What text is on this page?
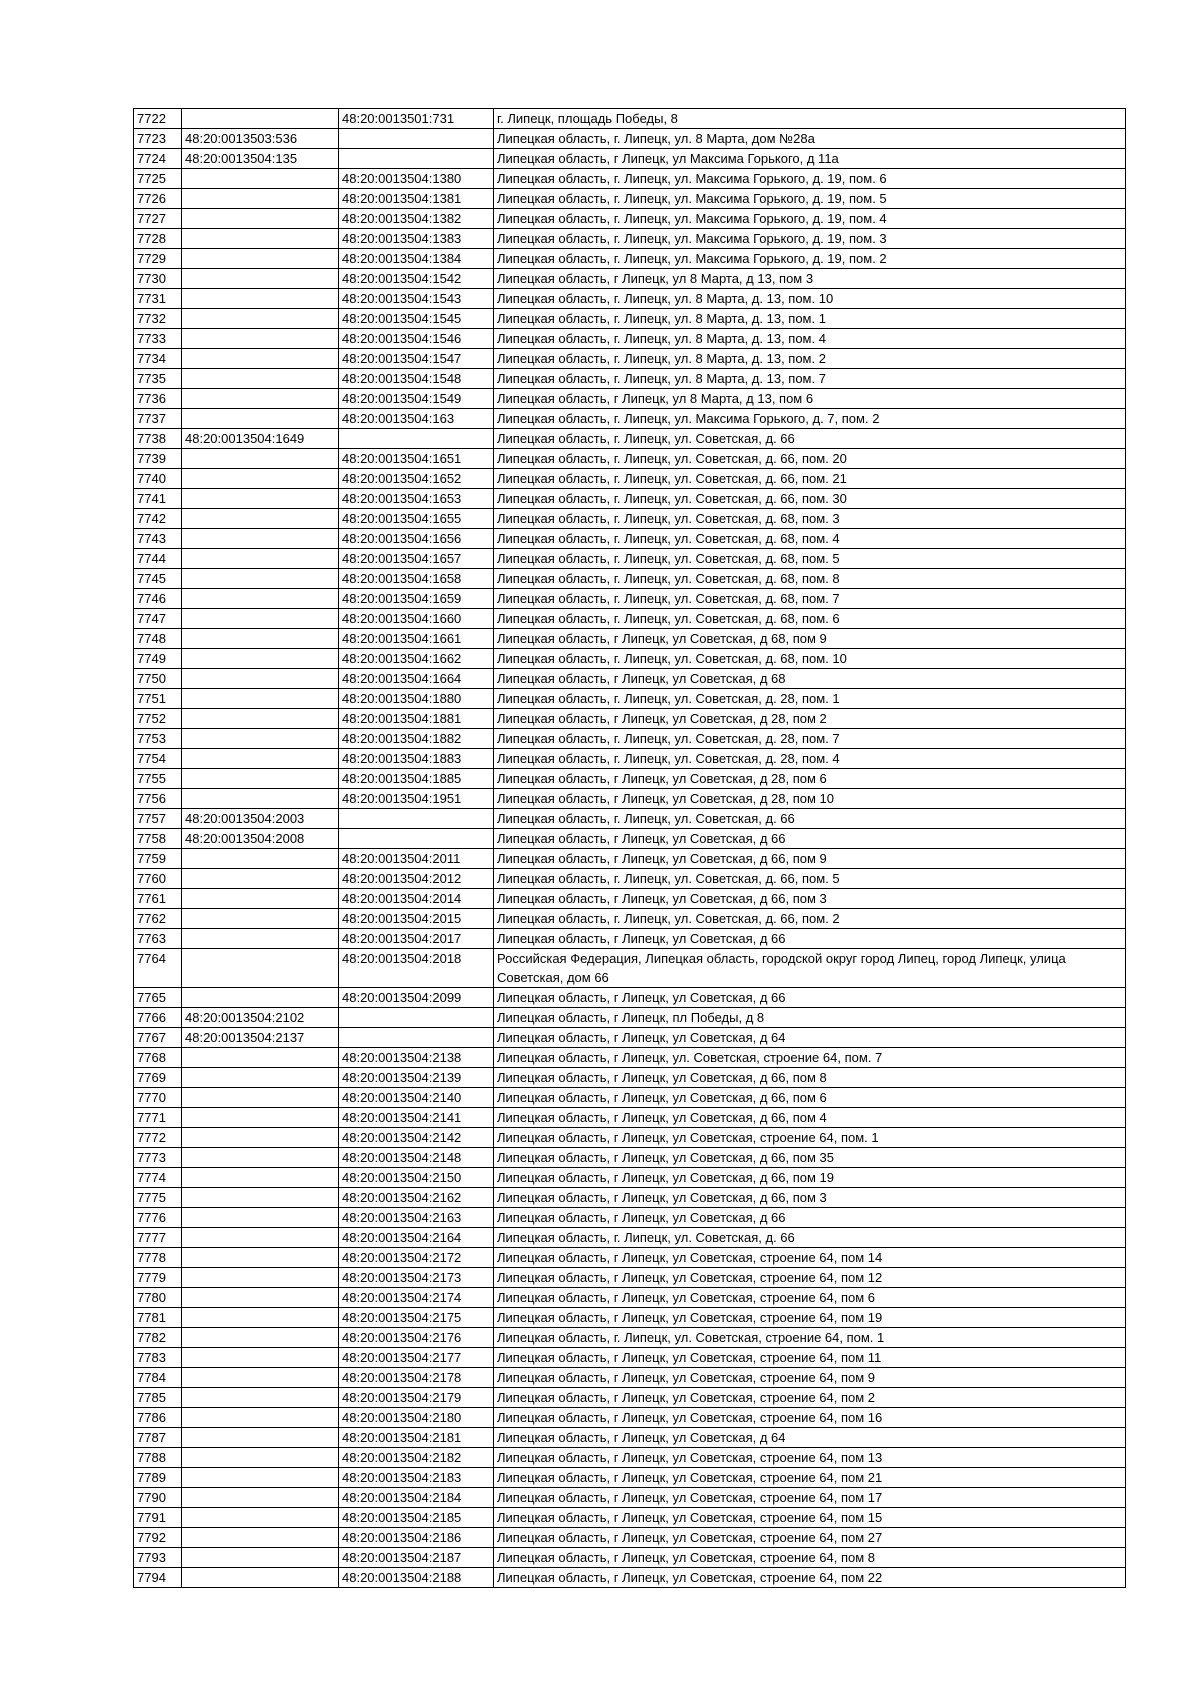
7722		48:20:0013501:731	г. Липецк, площадь Победы, 8
7723	48:20:0013503:536		Липецкая область, г. Липецк, ул. 8 Марта, дом №28а
7724	48:20:0013504:135		Липецкая область, г Липецк, ул Максима Горького, д 11а
7725		48:20:0013504:1380	Липецкая область, г. Липецк, ул. Максима Горького, д. 19, пом. 6
7726		48:20:0013504:1381	Липецкая область, г. Липецк, ул. Максима Горького, д. 19, пом. 5
7727		48:20:0013504:1382	Липецкая область, г. Липецк, ул. Максима Горького, д. 19, пом. 4
7728		48:20:0013504:1383	Липецкая область, г. Липецк, ул. Максима Горького, д. 19, пом. 3
7729		48:20:0013504:1384	Липецкая область, г. Липецк, ул. Максима Горького, д. 19, пом. 2
7730		48:20:0013504:1542	Липецкая область, г Липецк, ул 8 Марта, д 13, пом 3
7731		48:20:0013504:1543	Липецкая область, г. Липецк, ул. 8 Марта, д. 13, пом. 10
7732		48:20:0013504:1545	Липецкая область, г. Липецк, ул. 8 Марта, д. 13, пом. 1
7733		48:20:0013504:1546	Липецкая область, г. Липецк, ул. 8 Марта, д. 13, пом. 4
7734		48:20:0013504:1547	Липецкая область, г. Липецк, ул. 8 Марта, д. 13, пом. 2
7735		48:20:0013504:1548	Липецкая область, г. Липецк, ул. 8 Марта, д. 13, пом. 7
7736		48:20:0013504:1549	Липецкая область, г Липецк, ул 8 Марта, д 13, пом 6
7737		48:20:0013504:163	Липецкая область, г. Липецк, ул. Максима Горького, д. 7, пом. 2
7738	48:20:0013504:1649		Липецкая область, г. Липецк, ул. Советская, д. 66
7739		48:20:0013504:1651	Липецкая область, г. Липецк, ул. Советская, д. 66, пом. 20
7740		48:20:0013504:1652	Липецкая область, г. Липецк, ул. Советская, д. 66, пом. 21
7741		48:20:0013504:1653	Липецкая область, г. Липецк, ул. Советская, д. 66, пом. 30
7742		48:20:0013504:1655	Липецкая область, г. Липецк, ул. Советская, д. 68, пом. 3
7743		48:20:0013504:1656	Липецкая область, г. Липецк, ул. Советская, д. 68, пом. 4
7744		48:20:0013504:1657	Липецкая область, г. Липецк, ул. Советская, д. 68, пом. 5
7745		48:20:0013504:1658	Липецкая область, г. Липецк, ул. Советская, д. 68, пом. 8
7746		48:20:0013504:1659	Липецкая область, г. Липецк, ул. Советская, д. 68, пом. 7
7747		48:20:0013504:1660	Липецкая область, г. Липецк, ул. Советская, д. 68, пом. 6
7748		48:20:0013504:1661	Липецкая область, г Липецк, ул Советская, д 68, пом 9
7749		48:20:0013504:1662	Липецкая область, г. Липецк, ул. Советская, д. 68, пом. 10
7750		48:20:0013504:1664	Липецкая область, г Липецк, ул Советская, д 68
7751		48:20:0013504:1880	Липецкая область, г. Липецк, ул. Советская, д. 28, пом. 1
7752		48:20:0013504:1881	Липецкая область, г Липецк, ул Советская, д 28, пом 2
7753		48:20:0013504:1882	Липецкая область, г. Липецк, ул. Советская, д. 28, пом. 7
7754		48:20:0013504:1883	Липецкая область, г. Липецк, ул. Советская, д. 28, пом. 4
7755		48:20:0013504:1885	Липецкая область, г Липецк, ул Советская, д 28, пом 6
7756		48:20:0013504:1951	Липецкая область, г Липецк, ул Советская, д 28, пом 10
7757	48:20:0013504:2003		Липецкая область, г. Липецк, ул. Советская, д. 66
7758	48:20:0013504:2008		Липецкая область, г Липецк, ул Советская, д 66
7759		48:20:0013504:2011	Липецкая область, г Липецк, ул Советская, д 66, пом 9
7760		48:20:0013504:2012	Липецкая область, г. Липецк, ул. Советская, д. 66, пом. 5
7761		48:20:0013504:2014	Липецкая область, г Липецк, ул Советская, д 66, пом 3
7762		48:20:0013504:2015	Липецкая область, г. Липецк, ул. Советская, д. 66, пом. 2
7763		48:20:0013504:2017	Липецкая область, г Липецк, ул Советская, д 66
7764		48:20:0013504:2018	Российская Федерация, Липецкая область, городской округ город Липец, город Липецк, улица Советская, дом 66
7765		48:20:0013504:2099	Липецкая область, г Липецк, ул Советская, д 66
7766	48:20:0013504:2102		Липецкая область, г Липецк, пл Победы, д 8
7767	48:20:0013504:2137		Липецкая область, г Липецк, ул Советская, д 64
7768		48:20:0013504:2138	Липецкая область, г Липецк, ул. Советская, строение 64, пом. 7
7769		48:20:0013504:2139	Липецкая область, г Липецк, ул Советская, д 66, пом 8
7770		48:20:0013504:2140	Липецкая область, г Липецк, ул Советская, д 66, пом 6
7771		48:20:0013504:2141	Липецкая область, г Липецк, ул Советская, д 66, пом 4
7772		48:20:0013504:2142	Липецкая область, г Липецк, ул Советская, строение 64, пом. 1
7773		48:20:0013504:2148	Липецкая область, г Липецк, ул Советская, д 66, пом 35
7774		48:20:0013504:2150	Липецкая область, г Липецк, ул Советская, д 66, пом 19
7775		48:20:0013504:2162	Липецкая область, г Липецк, ул Советская, д 66, пом 3
7776		48:20:0013504:2163	Липецкая область, г Липецк, ул Советская, д 66
7777		48:20:0013504:2164	Липецкая область, г. Липецк, ул. Советская, д. 66
7778		48:20:0013504:2172	Липецкая область, г Липецк, ул Советская, строение 64, пом 14
7779		48:20:0013504:2173	Липецкая область, г Липецк, ул Советская, строение 64, пом 12
7780		48:20:0013504:2174	Липецкая область, г Липецк, ул Советская, строение 64, пом 6
7781		48:20:0013504:2175	Липецкая область, г Липецк, ул Советская, строение 64, пом 19
7782		48:20:0013504:2176	Липецкая область, г. Липецк, ул. Советская, строение 64, пом. 1
7783		48:20:0013504:2177	Липецкая область, г Липецк, ул Советская, строение 64, пом 11
7784		48:20:0013504:2178	Липецкая область, г Липецк, ул Советская, строение 64, пом 9
7785		48:20:0013504:2179	Липецкая область, г Липецк, ул Советская, строение 64, пом 2
7786		48:20:0013504:2180	Липецкая область, г Липецк, ул Советская, строение 64, пом 16
7787		48:20:0013504:2181	Липецкая область, г Липецк, ул Советская, д 64
7788		48:20:0013504:2182	Липецкая область, г Липецк, ул Советская, строение 64, пом 13
7789		48:20:0013504:2183	Липецкая область, г Липецк, ул Советская, строение 64, пом 21
7790		48:20:0013504:2184	Липецкая область, г Липецк, ул Советская, строение 64, пом 17
7791		48:20:0013504:2185	Липецкая область, г Липецк, ул Советская, строение 64, пом 15
7792		48:20:0013504:2186	Липецкая область, г Липецк, ул Советская, строение 64, пом 27
7793		48:20:0013504:2187	Липецкая область, г Липецк, ул Советская, строение 64, пом 8
7794		48:20:0013504:2188	Липецкая область, г Липецк, ул Советская, строение 64, пом 22
